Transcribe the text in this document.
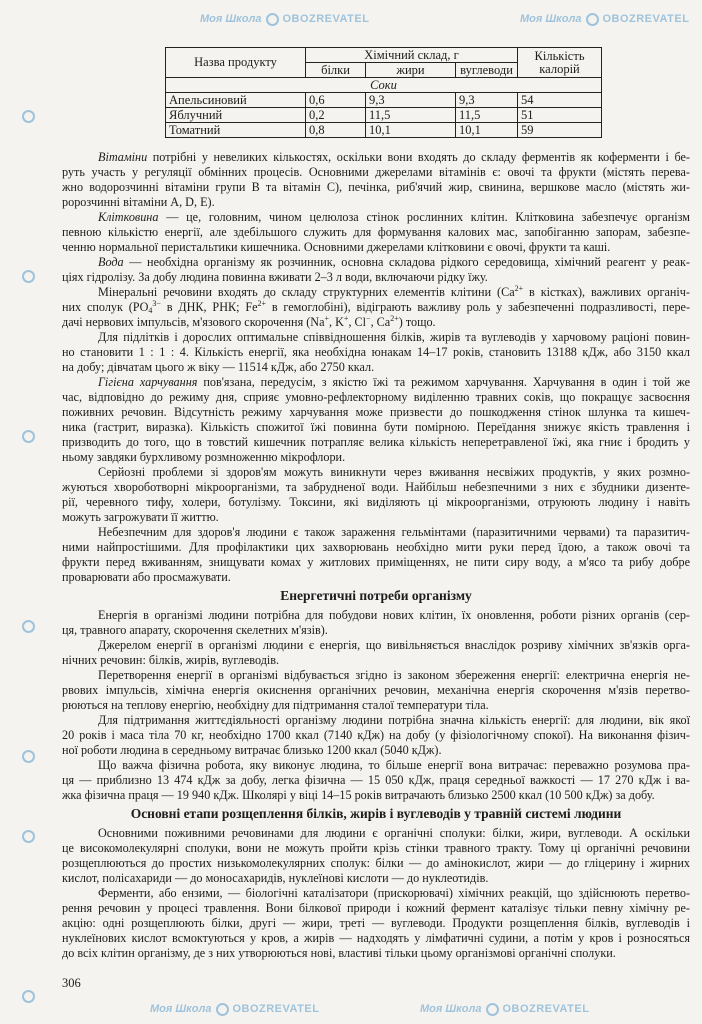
Моя Школа OBOZREVATEL	Моя Школа OBOZREVATEL
Моя Школа OBOZREVATEL	Моя Школа OBOZREVATEL
Назва продукту	Хімічний склад, г			Кількість калорій
	білки	жири	вуглеводи	
Соки				
Апельсиновий	0,6	9,3	9,3	54
Яблучний	0,2	11,5	11,5	51
Томатний	0,8	10,1	10,1	59
Вітаміни потрібні у невеликих кількостях, оскільки вони входять до складу ферментів як коферменти і бе-
руть участь у регуляції обмінних процесів. Основними джерелами вітамінів є: овочі та фрукти (містять перева-
жно водорозчинні вітаміни групи В та вітамін С), печінка, риб'ячий жир, свинина, вершкове масло (містять жи-
ророзчинні вітаміни A, D, E).
Клітковина — це, головним, чином целюлоза стінок рослинних клітин. Клітковина забезпечує організм
певною кількістю енергії, але здебільшого служить для формування калових мас, запобіганню запорам, забезпе-
ченню нормальної перистальтики кишечника. Основними джерелами клітковини є овочі, фрукти та каші.
Вода — необхідна організму як розчинник, основна складова рідкого середовища, хімічний реагент у реак-
ціях гідролізу. За добу людина повинна вживати 2–3 л води, включаючи рідку їжу.
Мінеральні речовини входять до складу структурних елементів клітини ($Ca^{2+}$ в кістках), важливих органіч-
них сполук ($PO_4^{3-}$ в ДНК, РНК; $Fe^{2+}$ в гемоглобіні), відіграють важливу роль у забезпеченні подразливості, пере-
дачі нервових імпульсів, м'язового скорочення (Na+, K+, Cl−, $Ca^{2+}$) тощо.
Для підлітків і дорослих оптимальне співвідношення білків, жирів та вуглеводів у харчовому раціоні повин-
но становити 1 : 1 : 4. Кількість енергії, яка необхідна юнакам 14–17 років, становить 13188 кДж, або 3150 ккал
на добу; дівчатам цього ж віку — 11514 кДж, або 2750 ккал.
Гігієна харчування пов'язана, передусім, з якістю їжі та режимом харчування. Харчування в один і той же
час, відповідно до режиму дня, сприяє умовно-рефлекторному виділенню травних соків, що покращує засвоєння
поживних речовин. Відсутність режиму харчування може призвести до пошкодження стінок шлунка та кишеч-
ника (гастрит, виразка). Кількість спожитої їжі повинна бути помірною. Переїдання знижує якість травлення і
призводить до того, що в товстий кишечник потрапляє велика кількість неперетравленої їжі, яка гниє і бродить у
ньому завдяки бурхливому розмноженню мікрофлори.
Серйозні проблеми зі здоров'ям можуть виникнути через вживання несвіжих продуктів, у яких розмно-
жуються хвороботворні мікроорганізми, та забрудненої води. Найбільш небезпечними з них є збудники дизенте-
рії, черевного тифу, холери, ботулізму. Токсини, які виділяють ці мікроорганізми, отруюють людину і навіть
можуть загрожувати її життю.
Небезпечним для здоров'я людини є також зараження гельмінтами (паразитичними червами) та паразитич-
ними найпростішими. Для профілактики цих захворювань необхідно мити руки перед їдою, а також овочі та
фрукти перед вживанням, знищувати комах у житлових приміщеннях, не пити сиру воду, а м'ясо та рибу добре
проварювати або просмажувати.
Енергія в організмі людини потрібна для побудови нових клітин, їх оновлення, роботи різних органів (сер-
ця, травного апарату, скорочення скелетних м'язів).
Джерелом енергії в організмі людини є енергія, що вивільняється внаслідок розриву хімічних зв'язків орга-
нічних речовин: білків, жирів, вуглеводів.
Перетворення енергії в організмі відбувається згідно із законом збереження енергії: електрична енергія не-
рвових імпульсів, хімічна енергія окиснення органічних речовин, механічна енергія скорочення м'язів перетво-
рюються на теплову енергію, необхідну для підтримання сталої температури тіла.
Для підтримання життєдіяльності організму людини потрібна значна кількість енергії: для людини, вік якої
20 років і маса тіла 70 кг, необхідно 1700 ккал (7140 кДж) на добу (у фізіологічному спокої). На виконання фізич-
ної роботи людина в середньому витрачає близько 1200 ккал (5040 кДж).
Що важча фізична робота, яку виконує людина, то більше енергії вона витрачає: переважно розумова пра-
ця — приблизно 13 474 кДж за добу, легка фізична — 15 050 кДж, праця середньої важкості — 17 270 кДж і ва-
жка фізична праця — 19 940 кДж. Школярі у віці 14–15 років витрачають близько 2500 ккал (10 500 кДж) за добу.
Основними поживними речовинами для людини є органічні сполуки: білки, жири, вуглеводи. А оскільки
це високомолекулярні сполуки, вони не можуть пройти крізь стінки травного тракту. Тому ці органічні речовини
розщеплюються до простих низькомолекулярних сполук: білки — до амінокислот, жири — до гліцерину і жирних
кислот, полісахариди — до моносахаридів, нуклеїнові кислоти — до нуклеотидів.
Ферменти, або ензими, — біологічні каталізатори (прискорювачі) хімічних реакцій, що здійснюють перетво-
рення речовин у процесі травлення. Вони білкової природи і кожний фермент каталізує тільки певну хімічну ре-
акцію: одні розщеплюють білки, другі — жири, треті — вуглеводи. Продукти розщеплення білків, вуглеводів і
нуклеїнових кислот всмоктуються у кров, а жирів — надходять у лімфатичні судини, а потім у кров і розносяться
до всіх клітин організму, де з них утворюються нові, властиві тільки цьому організмові органічні сполуки.
Енергетичні потреби організму
Основні етапи розщеплення білків, жирів і вуглеводів у травній системі людини
306
